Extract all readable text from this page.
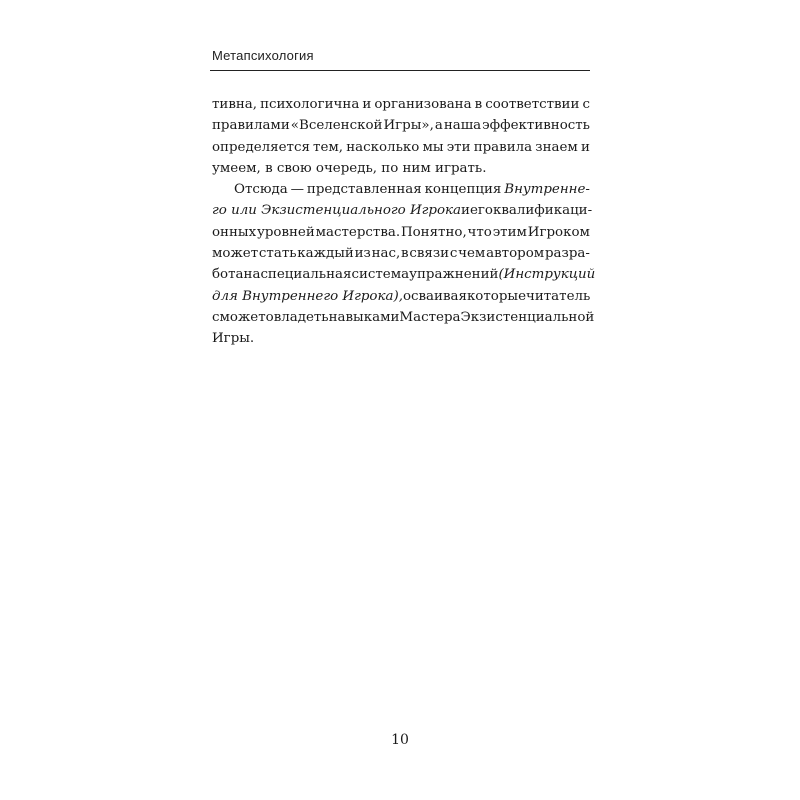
Метапсихология
тивна, психологична и организована в соответствии с
правилами «Вселенской Игры», а наша эффективность
определяется тем, насколько мы эти правила знаем и
умеем, в свою очередь, по ним играть.
Отсюда — представленная концепция Внутренне-
го или Экзистенциального Игрока и его квалификаци-
онных уровней мастерства. Понятно, что этим Игроком
может стать каждый из нас, в связи с чем автором разра-
ботана специальная система упражнений (Инструкций
для Внутреннего Игрока), осваивая которые читатель
сможет овладеть навыками Мастера Экзистенциальной
Игры.
10
